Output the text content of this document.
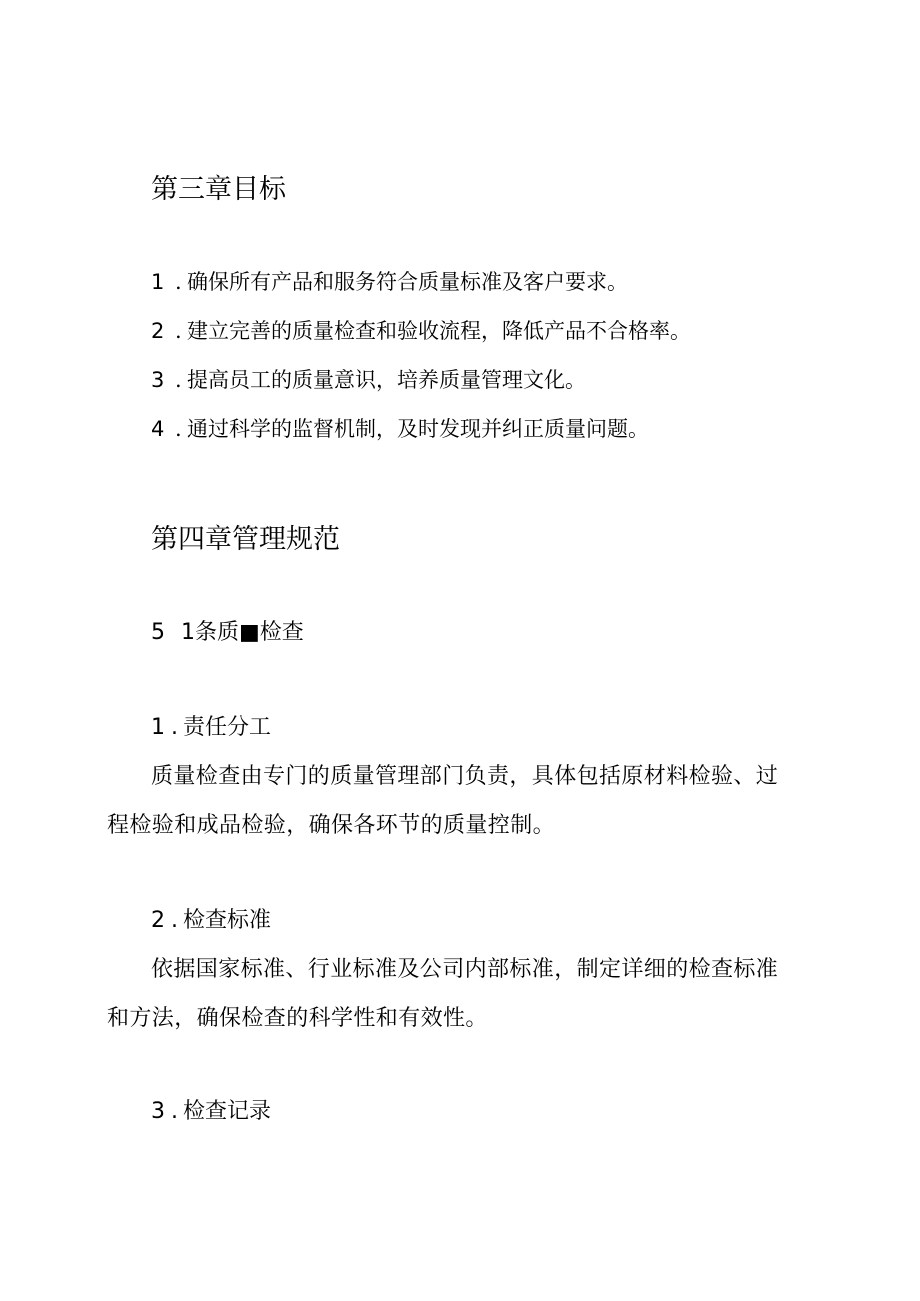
第三章目标
1 . 确保所有产品和服务符合质量标准及客户要求。
2 . 建立完善的质量检查和验收流程，降低产品不合格率。
3 . 提高员工的质量意识，培养质量管理文化。
4 . 通过科学的监督机制，及时发现并纠正质量问题。
第四章管理规范
5 1条质■检查
1 . 责任分工
质量检查由专门的质量管理部门负责，具体包括原材料检验、过
程检验和成品检验，确保各环节的质量控制。
2 . 检查标准
依据国家标准、行业标准及公司内部标准，制定详细的检查标准
和方法，确保检查的科学性和有效性。
3 . 检查记录
